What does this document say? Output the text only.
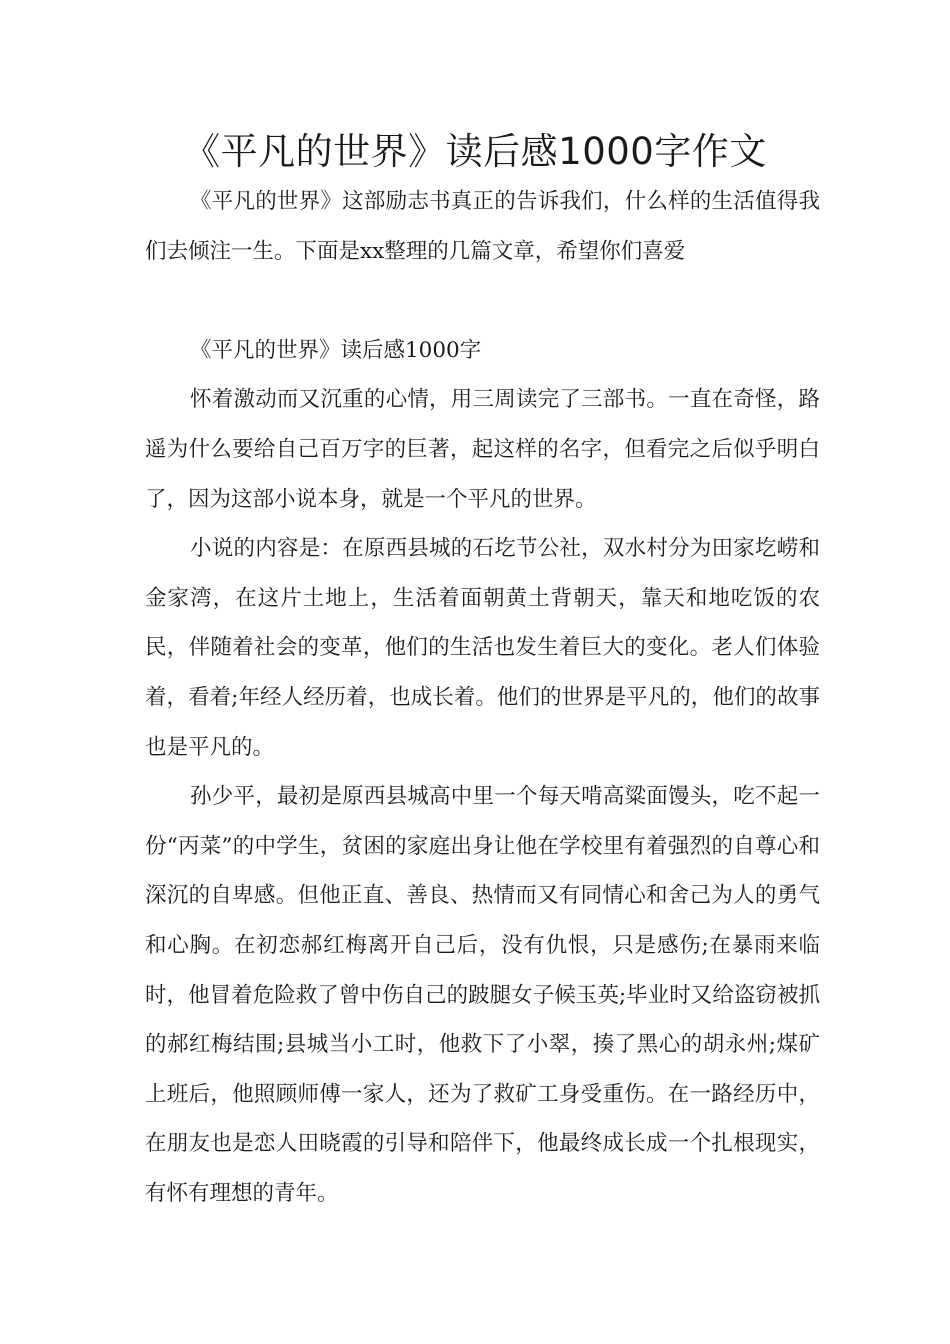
《平凡的世界》读后感1000字作文

《平凡的世界》这部励志书真正的告诉我们，什么样的生活值得我们去倾注一生。下面是xx整理的几篇文章，希望你们喜爱

《平凡的世界》读后感1000字

怀着激动而又沉重的心情，用三周读完了三部书。一直在奇怪，路遥为什么要给自己百万字的巨著，起这样的名字，但看完之后似乎明白了，因为这部小说本身，就是一个平凡的世界。

小说的内容是：在原西县城的石圪节公社，双水村分为田家圪崂和金家湾，在这片土地上，生活着面朝黄土背朝天，靠天和地吃饭的农民，伴随着社会的变革，他们的生活也发生着巨大的变化。老人们体验着，看着;年经人经历着，也成长着。他们的世界是平凡的，他们的故事也是平凡的。

孙少平，最初是原西县城高中里一个每天啃高粱面馒头，吃不起一份“丙菜”的中学生，贫困的家庭出身让他在学校里有着强烈的自尊心和深沉的自卑感。但他正直、善良、热情而又有同情心和舍己为人的勇气和心胸。在初恋郝红梅离开自己后，没有仇恨，只是感伤;在暴雨来临时，他冒着危险救了曾中伤自己的跛腿女子候玉英;毕业时又给盗窃被抓的郝红梅结围;县城当小工时，他救下了小翠，揍了黑心的胡永州;煤矿上班后，他照顾师傅一家人，还为了救矿工身受重伤。在一路经历中，在朋友也是恋人田晓霞的引导和陪伴下，他最终成长成一个扎根现实，有怀有理想的青年。
